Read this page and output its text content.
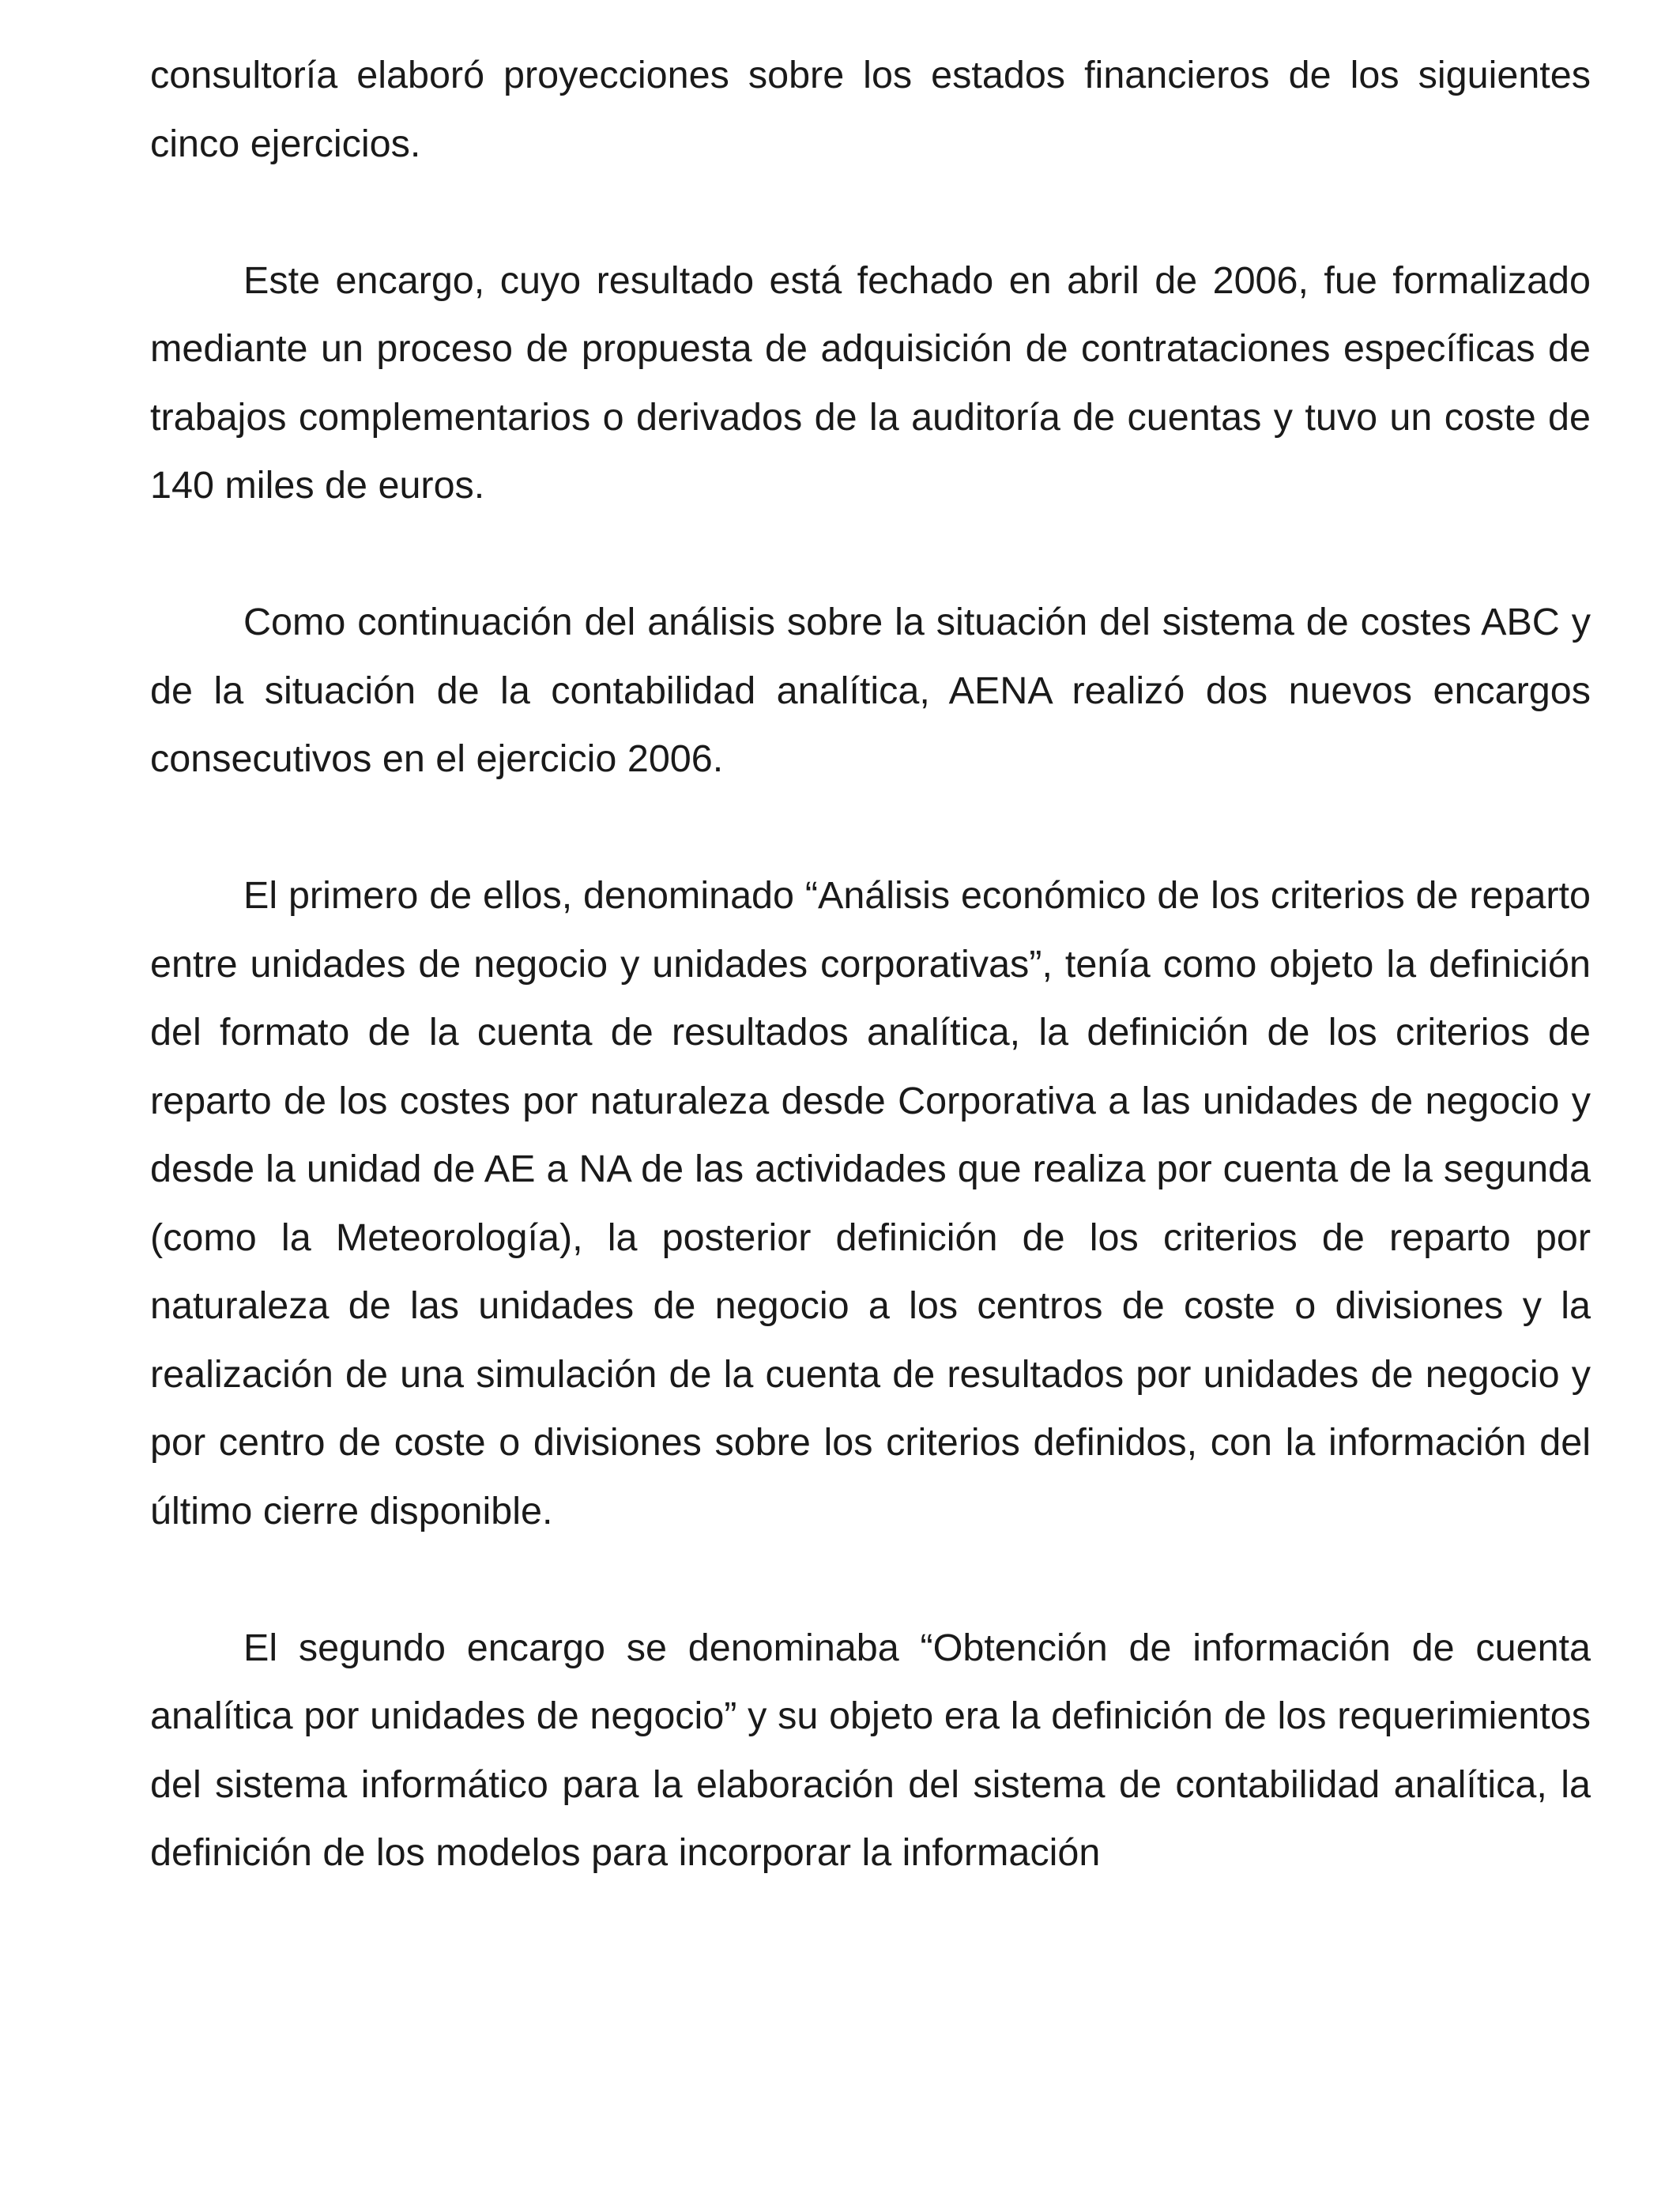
consultoría elaboró proyecciones sobre los estados financieros de los siguientes cinco ejercicios.

Este encargo, cuyo resultado está fechado en abril de 2006, fue formalizado mediante un proceso de propuesta de adquisición de contrataciones específicas de trabajos complementarios o derivados de la auditoría de cuentas y tuvo un coste de 140 miles de euros.

Como continuación del análisis sobre la situación del sistema de costes ABC y de la situación de la contabilidad analítica, AENA realizó dos nuevos encargos consecutivos en el ejercicio 2006.

El primero de ellos, denominado “Análisis económico de los criterios de reparto entre unidades de negocio y unidades corporativas”, tenía como objeto la definición del formato de la cuenta de resultados analítica, la definición de los criterios de reparto de los costes por naturaleza desde Corporativa a las unidades de negocio y desde la unidad de AE a NA de las actividades que realiza por cuenta de la segunda (como la Meteorología), la posterior definición de los criterios de reparto por naturaleza de las unidades de negocio a los centros de coste o divisiones y la realización de una simulación de la cuenta de resultados por unidades de negocio y por centro de coste o divisiones sobre los criterios definidos, con la información del último cierre disponible.

El segundo encargo se denominaba “Obtención de información de cuenta analítica por unidades de negocio” y su objeto era la definición de los requerimientos del sistema informático para la elaboración del sistema de contabilidad analítica, la definición de los modelos para incorporar la información
